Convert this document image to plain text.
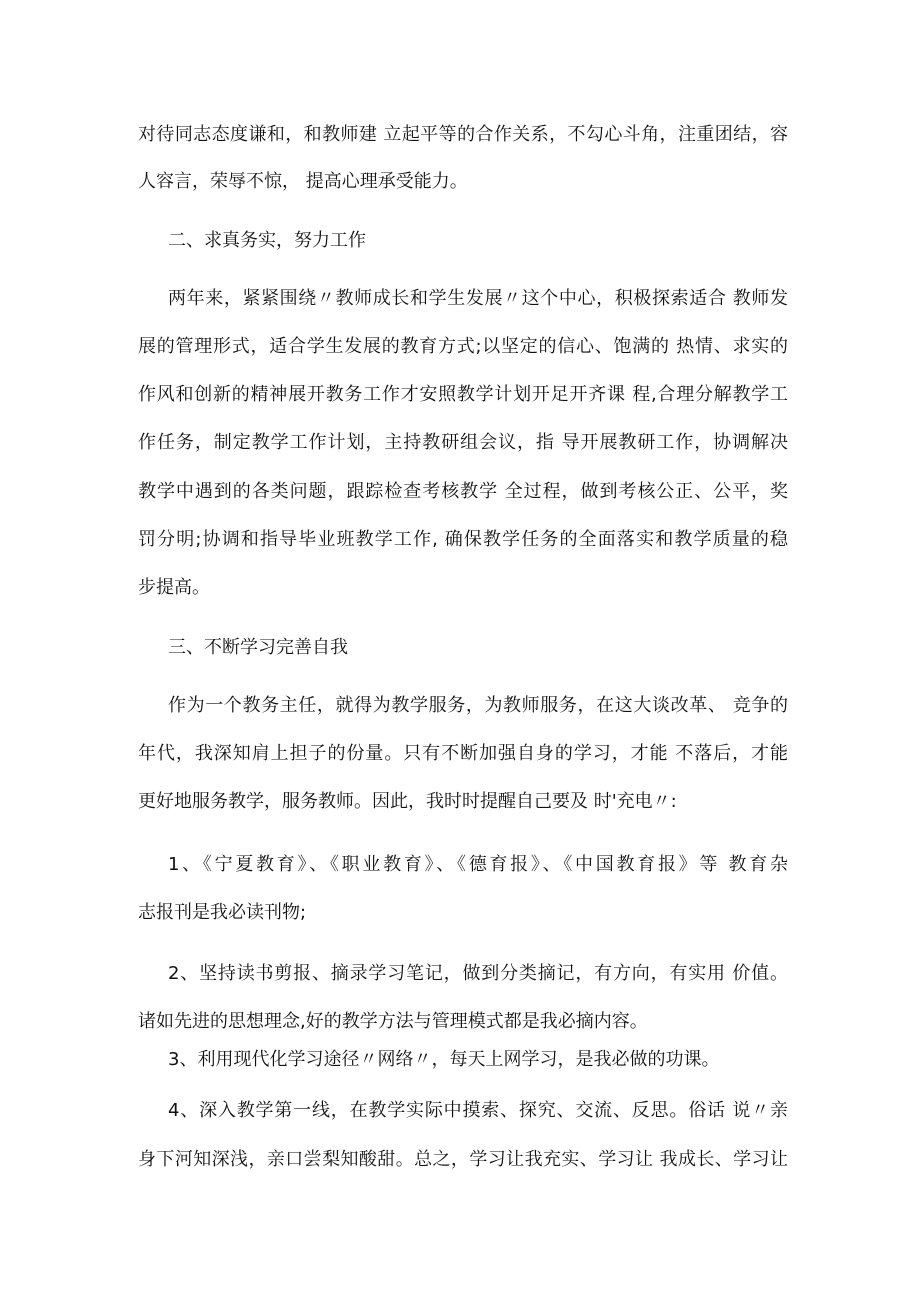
对待同志态度谦和，和教师建 立起平等的合作关系，不勾心斗角，注重团结，容
人容言，荣辱不惊， 提高心理承受能力。
二、求真务实，努力工作
两年来，紧紧围绕〃教师成长和学生发展〃这个中心，积极探索适合 教师发
展的管理形式，适合学生发展的教育方式;以坚定的信心、饱满的 热情、求实的
作风和创新的精神展开教务工作才安照教学计划开足开齐课 程,合理分解教学工
作任务，制定教学工作计划，主持教研组会议，指 导开展教研工作，协调解决
教学中遇到的各类问题，跟踪检查考核教学 全过程，做到考核公正、公平，奖
罚分明;协调和指导毕业班教学工作, 确保教学任务的全面落实和教学质量的稳
步提高。
三、不断学习完善自我
作为一个教务主任，就得为教学服务，为教师服务，在这大谈改革、 竞争的
年代，我深知肩上担子的份量。只有不断加强自身的学习，才能 不落后，才能
更好地服务教学，服务教师。因此，我时时提醒自己要及 时'充电〃:
1、《宁夏教育》、《职业教育》、《德育报》、《中国教育报》等 教育杂
志报刊是我必读刊物;
2、坚持读书剪报、摘录学习笔记，做到分类摘记，有方向，有实用 价值。
诸如先进的思想理念,好的教学方法与管理模式都是我必摘内容。
3、利用现代化学习途径〃网络〃，每天上网学习，是我必做的功课。
4、深入教学第一线，在教学实际中摸索、探究、交流、反思。俗话 说〃亲
身下河知深浅，亲口尝梨知酸甜。总之，学习让我充实、学习让 我成长、学习让
